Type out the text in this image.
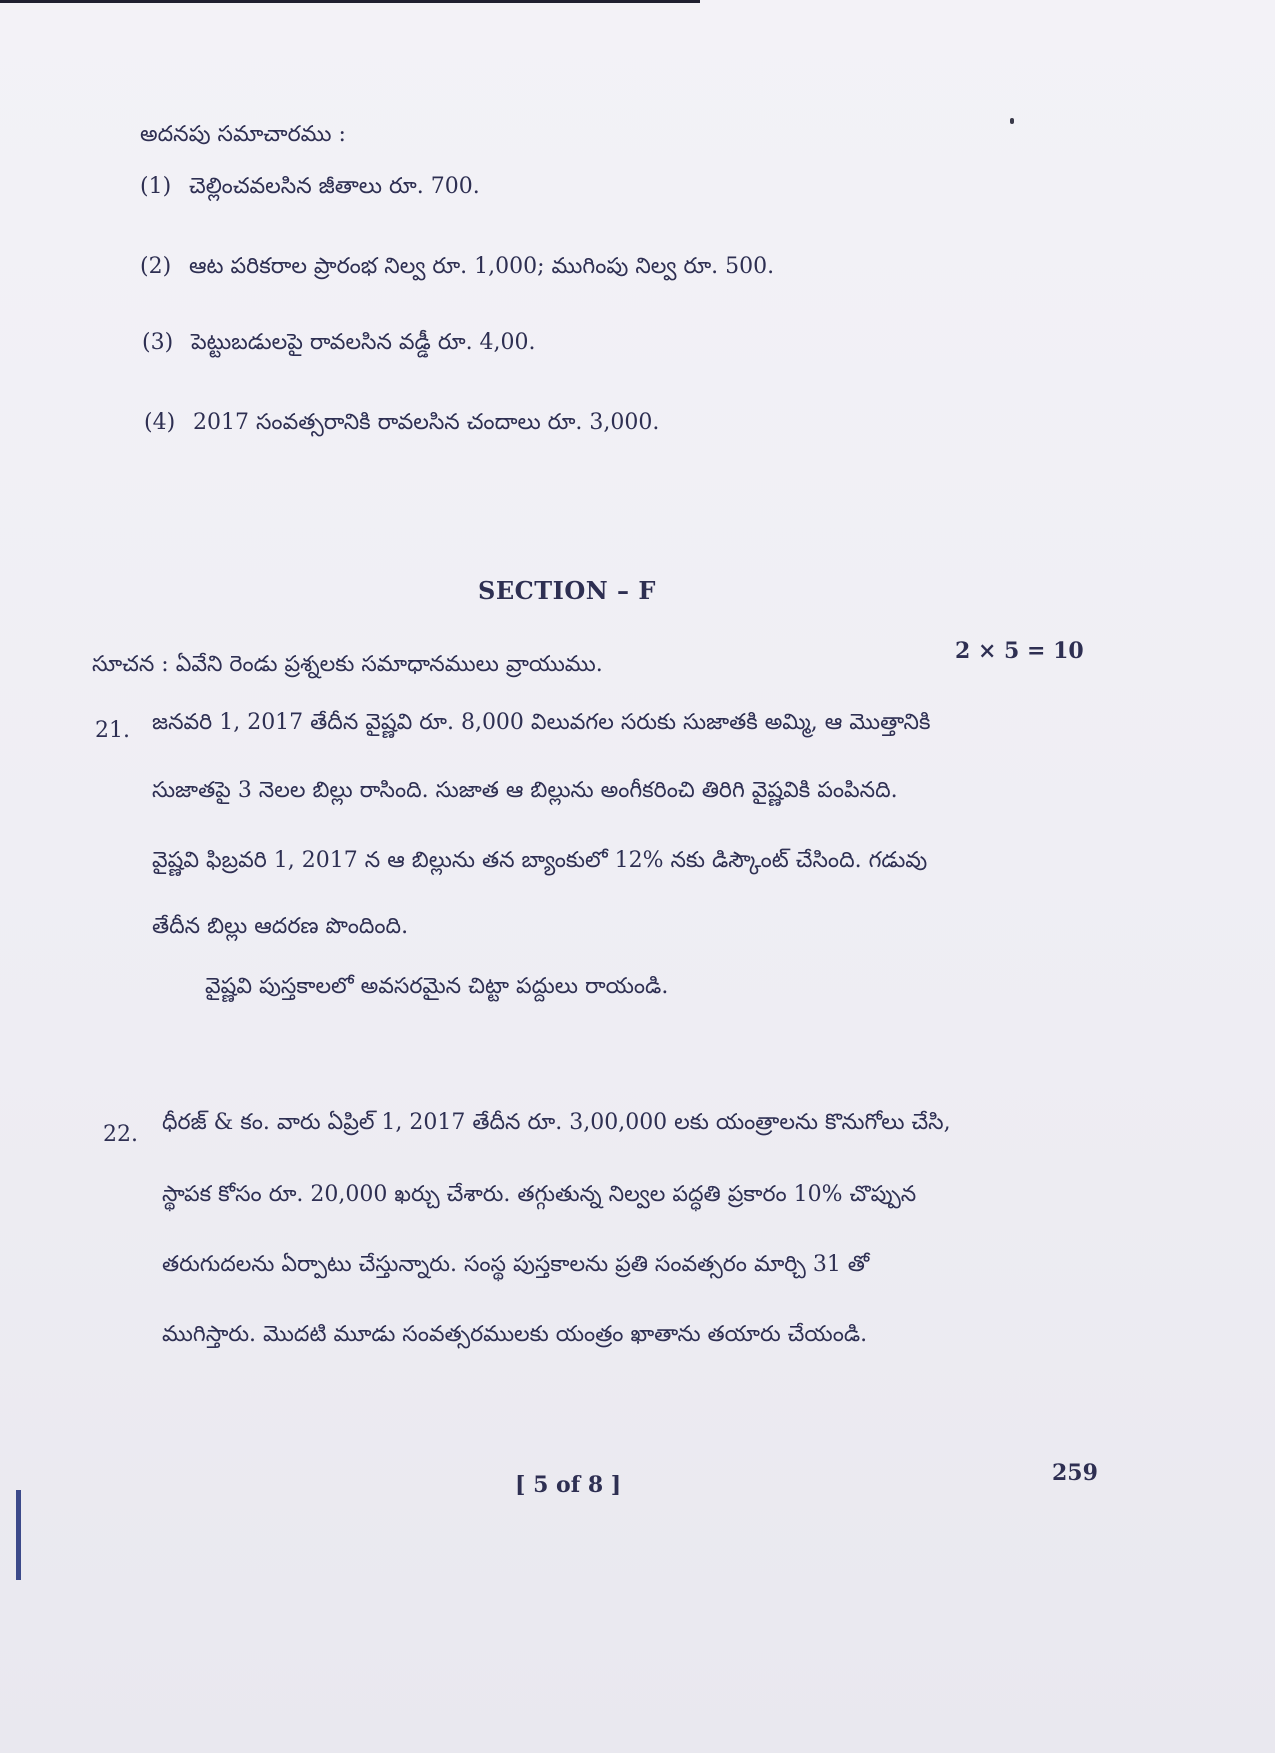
అదనపు సమాచారము :
(1) చెల్లించవలసిన జీతాలు రూ. 700.
(2) ఆట పరికరాల ప్రారంభ నిల్వ రూ. 1,000; ముగింపు నిల్వ రూ. 500.
(3) పెట్టుబడులపై రావలసిన వడ్డీ రూ. 4,00.
(4) 2017 సంవత్సరానికి రావలసిన చందాలు రూ. 3,000.
SECTION – F
సూచన : ఏవేని రెండు ప్రశ్నలకు సమాధానములు వ్రాయుము.
2 × 5 = 10
21. జనవరి 1, 2017 తేదీన వైష్ణవి రూ. 8,000 విలువగల సరుకు సుజాతకి అమ్మి, ఆ మొత్తానికి
సుజాతపై 3 నెలల బిల్లు రాసింది. సుజాత ఆ బిల్లును అంగీకరించి తిరిగి వైష్ణవికి పంపినది.
వైష్ణవి ఫిబ్రవరి 1, 2017 న ఆ బిల్లును తన బ్యాంకులో 12% నకు డిస్కౌంట్ చేసింది. గడువు
తేదీన బిల్లు ఆదరణ పొందింది.
వైష్ణవి పుస్తకాలలో అవసరమైన చిట్టా పద్దులు రాయండి.
22. ధీరజ్ & కం. వారు ఏప్రిల్ 1, 2017 తేదీన రూ. 3,00,000 లకు యంత్రాలను కొనుగోలు చేసి,
స్థాపక కోసం రూ. 20,000 ఖర్చు చేశారు. తగ్గుతున్న నిల్వల పద్ధతి ప్రకారం 10% చొప్పున
తరుగుదలను ఏర్పాటు చేస్తున్నారు. సంస్థ పుస్తకాలను ప్రతి సంవత్సరం మార్చి 31 తో
ముగిస్తారు. మొదటి మూడు సంవత్సరములకు యంత్రం ఖాతాను తయారు చేయండి.
[ 5 of 8 ]	259
